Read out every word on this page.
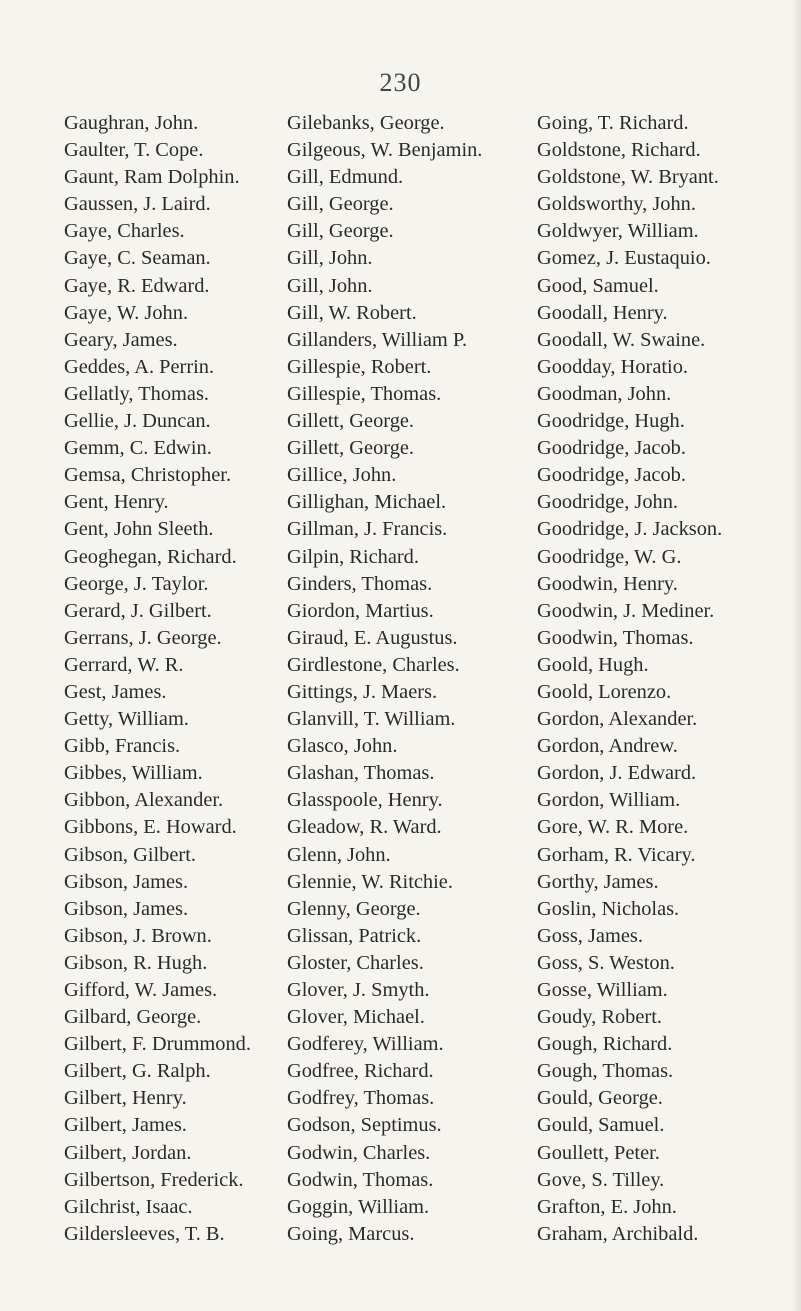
230
Gaughran, John.
Gaulter, T. Cope.
Gaunt, Ram Dolphin.
Gaussen, J. Laird.
Gaye, Charles.
Gaye, C. Seaman.
Gaye, R. Edward.
Gaye, W. John.
Geary, James.
Geddes, A. Perrin.
Gellatly, Thomas.
Gellie, J. Duncan.
Gemm, C. Edwin.
Gemsa, Christopher.
Gent, Henry.
Gent, John Sleeth.
Geoghegan, Richard.
George, J. Taylor.
Gerard, J. Gilbert.
Gerrans, J. George.
Gerrard, W. R.
Gest, James.
Getty, William.
Gibb, Francis.
Gibbes, William.
Gibbon, Alexander.
Gibbons, E. Howard.
Gibson, Gilbert.
Gibson, James.
Gibson, James.
Gibson, J. Brown.
Gibson, R. Hugh.
Gifford, W. James.
Gilbard, George.
Gilbert, F. Drummond.
Gilbert, G. Ralph.
Gilbert, Henry.
Gilbert, James.
Gilbert, Jordan.
Gilbertson, Frederick.
Gilchrist, Isaac.
Gildersleeves, T. B.
Gilebanks, George.
Gilgeous, W. Benjamin.
Gill, Edmund.
Gill, George.
Gill, George.
Gill, John.
Gill, John.
Gill, W. Robert.
Gillanders, William P.
Gillespie, Robert.
Gillespie, Thomas.
Gillett, George.
Gillett, George.
Gillice, John.
Gillighan, Michael.
Gillman, J. Francis.
Gilpin, Richard.
Ginders, Thomas.
Giordon, Martius.
Giraud, E. Augustus.
Girdlestone, Charles.
Gittings, J. Maers.
Glanvill, T. William.
Glasco, John.
Glashan, Thomas.
Glasspoole, Henry.
Gleadow, R. Ward.
Glenn, John.
Glennie, W. Ritchie.
Glenny, George.
Glissan, Patrick.
Gloster, Charles.
Glover, J. Smyth.
Glover, Michael.
Godferey, William.
Godfree, Richard.
Godfrey, Thomas.
Godson, Septimus.
Godwin, Charles.
Godwin, Thomas.
Goggin, William.
Going, Marcus.
Going, T. Richard.
Goldstone, Richard.
Goldstone, W. Bryant.
Goldsworthy, John.
Goldwyer, William.
Gomez, J. Eustaquio.
Good, Samuel.
Goodall, Henry.
Goodall, W. Swaine.
Goodday, Horatio.
Goodman, John.
Goodridge, Hugh.
Goodridge, Jacob.
Goodridge, Jacob.
Goodridge, John.
Goodridge, J. Jackson.
Goodridge, W. G.
Goodwin, Henry.
Goodwin, J. Mediner.
Goodwin, Thomas.
Goold, Hugh.
Goold, Lorenzo.
Gordon, Alexander.
Gordon, Andrew.
Gordon, J. Edward.
Gordon, William.
Gore, W. R. More.
Gorham, R. Vicary.
Gorthy, James.
Goslin, Nicholas.
Goss, James.
Goss, S. Weston.
Gosse, William.
Goudy, Robert.
Gough, Richard.
Gough, Thomas.
Gould, George.
Gould, Samuel.
Goullett, Peter.
Gove, S. Tilley.
Grafton, E. John.
Graham, Archibald.
